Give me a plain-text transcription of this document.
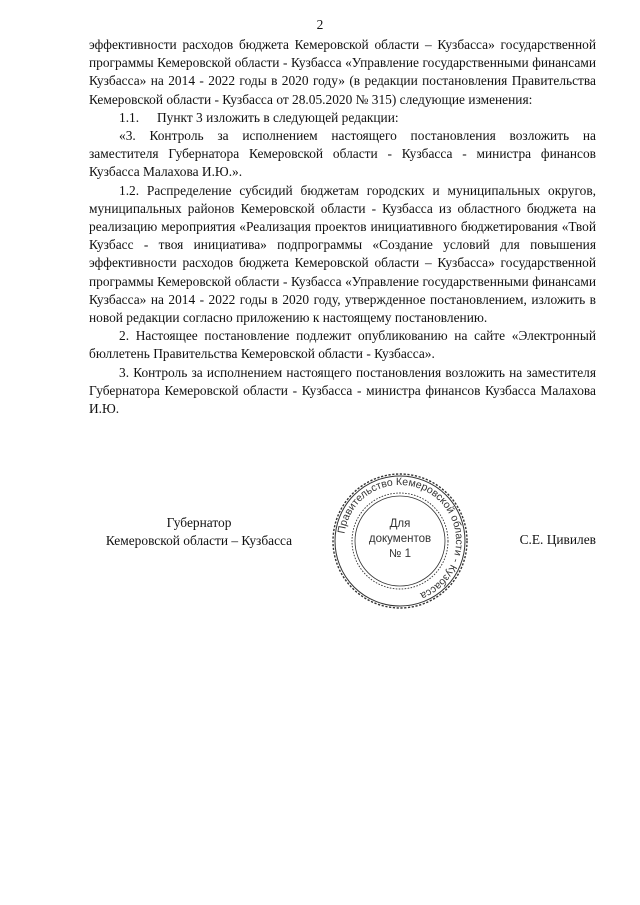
2

эффективности расходов бюджета Кемеровской области – Кузбасса» государственной программы Кемеровской области - Кузбасса «Управление государственными финансами Кузбасса» на 2014 - 2022 годы в 2020 году» (в редакции постановления Правительства Кемеровской области - Кузбасса от 28.05.2020 № 315) следующие изменения:

1.1.	Пункт 3 изложить в следующей редакции:

«3. Контроль за исполнением настоящего постановления возложить на заместителя Губернатора Кемеровской области - Кузбасса - министра финансов Кузбасса Малахова И.Ю.».

1.2. Распределение субсидий бюджетам городских и муниципальных округов, муниципальных районов Кемеровской области - Кузбасса из областного бюджета на реализацию мероприятия «Реализация проектов инициативного бюджетирования «Твой Кузбасс - твоя инициатива» подпрограммы «Создание условий для повышения эффективности расходов бюджета Кемеровской области – Кузбасса» государственной программы Кемеровской области - Кузбасса «Управление государственными финансами Кузбасса» на 2014 - 2022 годы в 2020 году, утвержденное постановлением, изложить в новой редакции согласно приложению к настоящему постановлению.

2. Настоящее постановление подлежит опубликованию на сайте «Электронный бюллетень Правительства Кемеровской области - Кузбасса».

3. Контроль за исполнением настоящего постановления возложить на заместителя Губернатора Кемеровской области - Кузбасса - министра финансов Кузбасса Малахова И.Ю.

Губернатор
Кемеровской области – Кузбасса
Правительство Кемеровской области - Кузбасса
Для
документов
№ 1
С.Е. Цивилев
